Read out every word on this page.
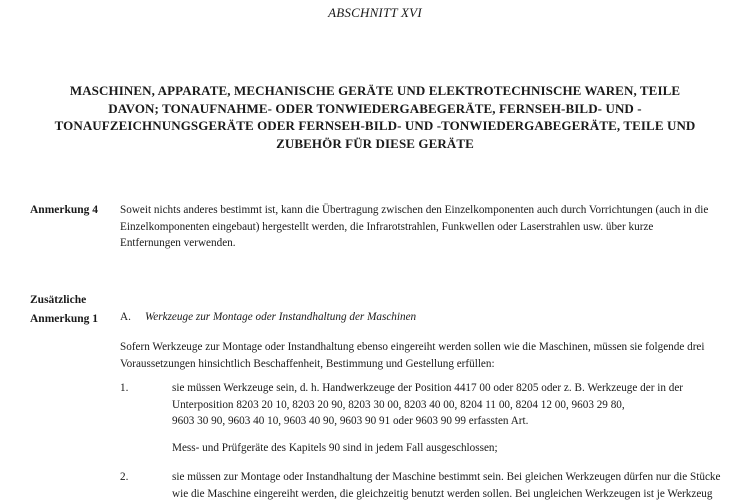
ABSCHNITT XVI
MASCHINEN, APPARATE, MECHANISCHE GERÄTE UND ELEKTROTECHNISCHE WAREN, TEILE
DAVON; TONAUFNAHME- ODER TONWIEDERGABEGERÄTE, FERNSEH-BILD- UND -
TONAUFZEICHNUNGSGERÄTE ODER FERNSEH-BILD- UND -TONWIEDERGABEGERÄTE, TEILE UND
ZUBEHÖR FÜR DIESE GERÄTE
Anmerkung 4 Soweit nichts anderes bestimmt ist, kann die Übertragung zwischen den Einzelkomponenten auch durch Vorrichtungen (auch in die
Einzelkomponenten eingebaut) hergestellt werden, die Infrarotstrahlen, Funkwellen oder Laserstrahlen usw. über kurze
Entfernungen verwenden.
Zusätzliche
Anmerkung 1 A. Werkzeuge zur Montage oder Instandhaltung der Maschinen
Sofern Werkzeuge zur Montage oder Instandhaltung ebenso eingereiht werden sollen wie die Maschinen, müssen sie folgende drei
Voraussetzungen hinsichtlich Beschaffenheit, Bestimmung und Gestellung erfüllen:
1.	sie müssen Werkzeuge sein, d. h. Handwerkzeuge der Position 4417 00 oder 8205 oder z. B. Werkzeuge der in der
Unterposition 8203 20 10, 8203 20 90, 8203 30 00, 8203 40 00, 8204 11 00, 8204 12 00, 9603 29 80,
9603 30 90, 9603 40 10, 9603 40 90, 9603 90 91 oder 9603 90 99 erfassten Art.
Mess- und Prüfgeräte des Kapitels 90 sind in jedem Fall ausgeschlossen;
2.	sie müssen zur Montage oder Instandhaltung der Maschine bestimmt sein. Bei gleichen Werkzeugen dürfen nur die Stücke
wie die Maschine eingereiht werden, die gleichzeitig benutzt werden sollen. Bei ungleichen Werkzeugen ist je Werkzeug
